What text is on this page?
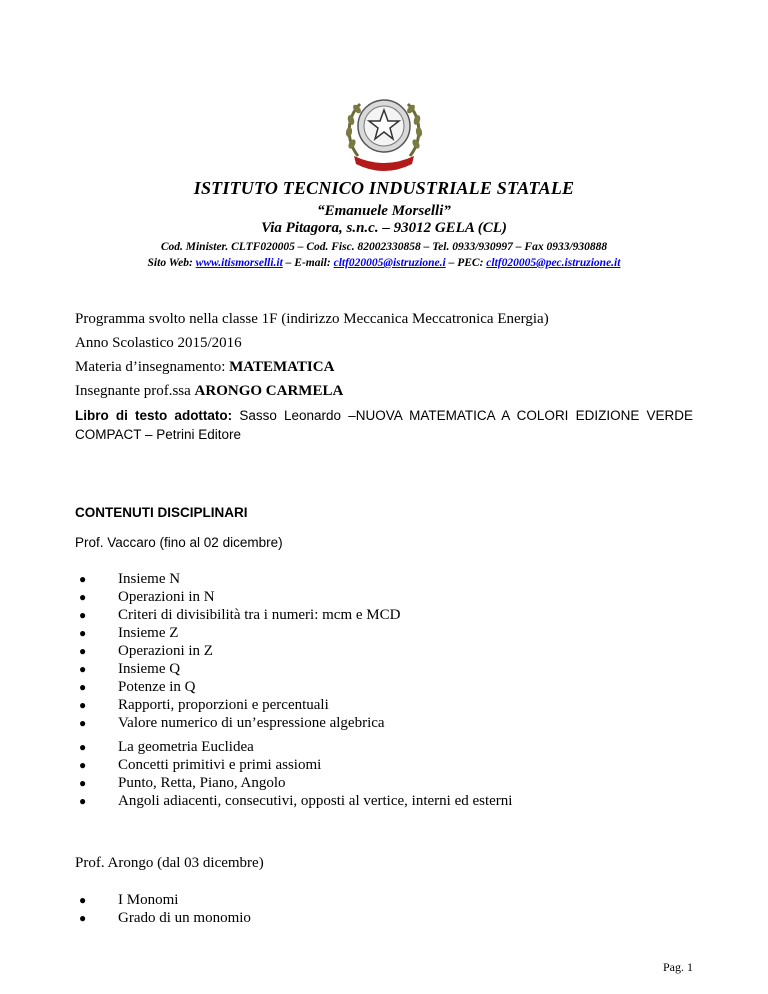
ISTITUTO TECNICO INDUSTRIALE STATALE
“Emanuele Morselli”
Via Pitagora, s.n.c. – 93012 GELA (CL)
Cod. Minister. CLTF020005 – Cod. Fisc. 82002330858 – Tel. 0933/930997 – Fax 0933/930888
Sito Web: www.itismorselli.it – E-mail: cltf020005@istruzione.i – PEC: cltf020005@pec.istruzione.it
Programma svolto nella classe 1F (indirizzo Meccanica Meccatronica Energia)
Anno Scolastico 2015/2016
Materia d’insegnamento: MATEMATICA
Insegnante prof.ssa ARONGO CARMELA
Libro di testo adottato: Sasso Leonardo –NUOVA MATEMATICA A COLORI EDIZIONE VERDE
COMPACT – Petrini Editore
CONTENUTI DISCIPLINARI
Prof. Vaccaro (fino al 02 dicembre)
● Insieme N
● Operazioni in N
● Criteri di divisibilità tra i numeri: mcm e MCD
● Insieme Z
● Operazioni in Z
● Insieme Q
● Potenze in Q
● Rapporti, proporzioni e percentuali
● Valore numerico di un’espressione algebrica
● La geometria Euclidea
● Concetti primitivi e primi assiomi
● Punto, Retta, Piano, Angolo
● Angoli adiacenti, consecutivi, opposti al vertice, interni ed esterni
Prof. Arongo (dal 03 dicembre)
● I Monomi
● Grado di un monomio
Pag. 1
